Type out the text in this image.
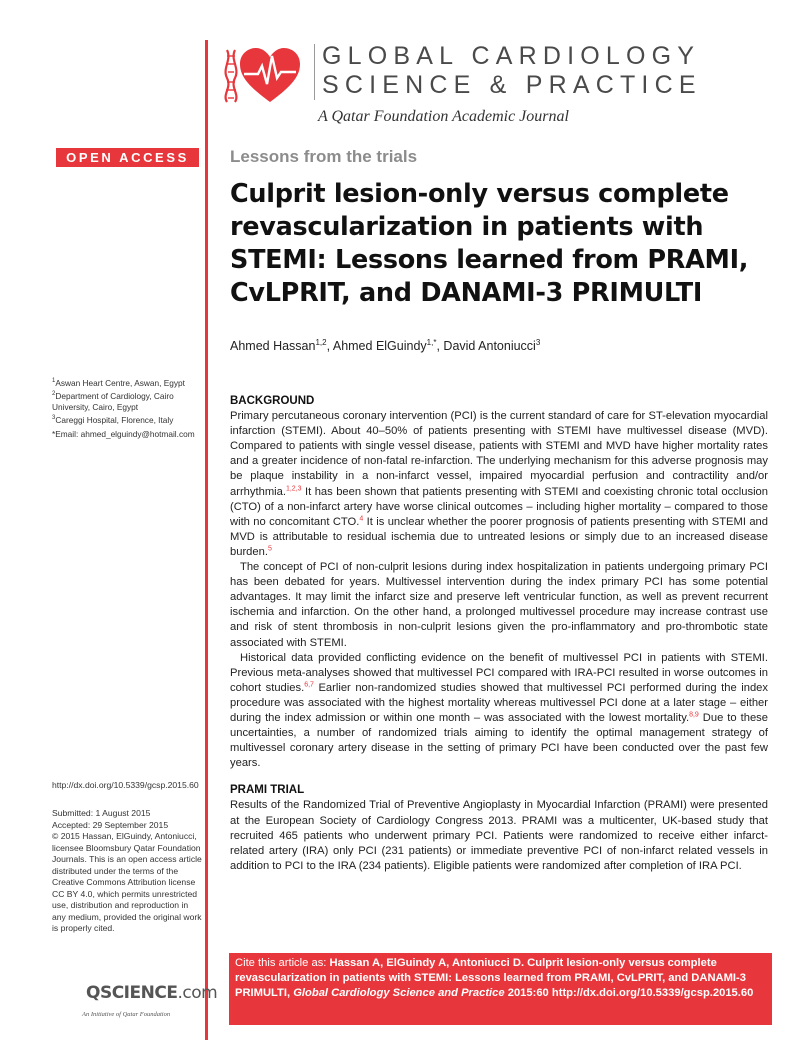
GLOBAL CARDIOLOGY
SCIENCE & PRACTICE
A Qatar Foundation Academic Journal
OPEN ACCESS	Lessons from the trials
Culprit lesion-only versus complete revascularization in patients with STEMI: Lessons learned from PRAMI, CvLPRIT, and DANAMI-3 PRIMULTI
Ahmed Hassan$^{1,2}$, Ahmed ElGuindy$^{1,*}$, David Antoniucci$^3$

$^1$Aswan Heart Centre, Aswan, Egypt

$^2$Department of Cardiology, Cairo University, Cairo, Egypt

$^3$Careggi Hospital, Florence, Italy

*Email: ahmed_elguindy@hotmail.com

http://dx.doi.org/10.5339/gcsp.2015.60

Submitted: 1 August 2015

Accepted: 29 September 2015

© 2015 Hassan, ElGuindy, Antoniucci, licensee Bloomsbury Qatar Foundation Journals. This is an open access article distributed under the terms of the Creative Commons Attribution license CC BY 4.0, which permits unrestricted use, distribution and reproduction in any medium, provided the original work is properly cited.

QSCIENCE.com
An Initiative of Qatar Foundation
BACKGROUND

Primary percutaneous coronary intervention (PCI) is the current standard of care for ST-elevation myocardial infarction (STEMI). About 40–50% of patients presenting with STEMI have multivessel disease (MVD). Compared to patients with single vessel disease, patients with STEMI and MVD have higher mortality rates and a greater incidence of non-fatal re-infarction. The underlying mechanism for this adverse prognosis may be plaque instability in a non-infarct vessel, impaired myocardial perfusion and contractility and/or arrhythmia.$^{1,2,3}$ It has been shown that patients presenting with STEMI and coexisting chronic total occlusion (CTO) of a non-infarct artery have worse clinical outcomes – including higher mortality – compared to those with no concomitant CTO.$^4$ It is unclear whether the poorer prognosis of patients presenting with STEMI and MVD is attributable to residual ischemia due to untreated lesions or simply due to an increased disease burden.$^5$

The concept of PCI of non-culprit lesions during index hospitalization in patients undergoing primary PCI has been debated for years. Multivessel intervention during the index primary PCI has some potential advantages. It may limit the infarct size and preserve left ventricular function, as well as prevent recurrent ischemia and infarction. On the other hand, a prolonged multivessel procedure may increase contrast use and risk of stent thrombosis in non-culprit lesions given the pro-inflammatory and pro-thrombotic state associated with STEMI.

Historical data provided conflicting evidence on the benefit of multivessel PCI in patients with STEMI. Previous meta-analyses showed that multivessel PCI compared with IRA-PCI resulted in worse outcomes in cohort studies.$^{6,7}$ Earlier non-randomized studies showed that multivessel PCI performed during the index procedure was associated with the highest mortality whereas multivessel PCI done at a later stage – either during the index admission or within one month – was associated with the lowest mortality.$^{8,9}$ Due to these uncertainties, a number of randomized trials aiming to identify the optimal management strategy of multivessel coronary artery disease in the setting of primary PCI have been conducted over the past few years.

PRAMI TRIAL

Results of the Randomized Trial of Preventive Angioplasty in Myocardial Infarction (PRAMI) were presented at the European Society of Cardiology Congress 2013. PRAMI was a multicenter, UK-based study that recruited 465 patients who underwent primary PCI. Patients were randomized to receive either infarct-related artery (IRA) only PCI (231 patients) or immediate preventive PCI of non-infarct related vessels in addition to PCI to the IRA (234 patients). Eligible patients were randomized after completion of IRA PCI.

Cite this article as: Hassan A, ElGuindy A, Antoniucci D. Culprit lesion-only versus complete revascularization in patients with STEMI: Lessons learned from PRAMI, CvLPRIT, and DANAMI-3 PRIMULTI, Global Cardiology Science and Practice 2015:60 http://dx.doi.org/10.5339/gcsp.2015.60
